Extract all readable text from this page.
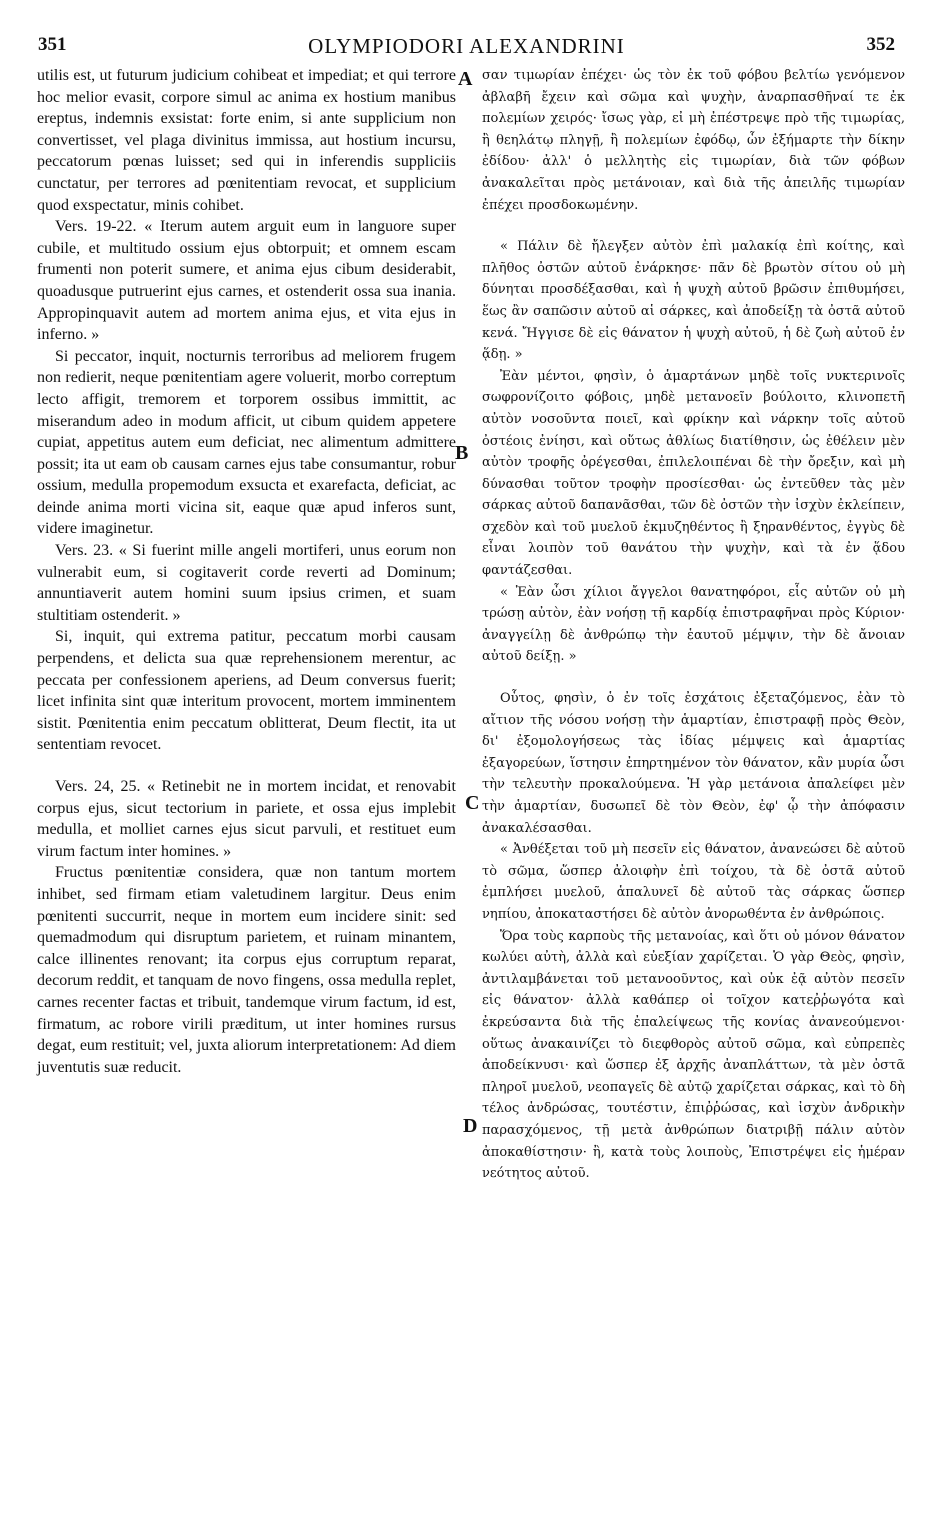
351	OLYMPIODORI ALEXANDRINI	352

utilis est, ut futurum judicium cohibeat et impediat; et qui terrore hoc melior evasit, corpore simul ac anima ex hostium manibus ereptus, indemnis exsistat: forte enim, si ante supplicium non convertisset, vel plaga divinitus immissa, aut hostium incursu, peccatorum pœnas luisset; sed qui in inferendis suppliciis cunctatur, per terrores ad pœnitentiam revocat, et supplicium quod exspectatur, minis cohibet.

Vers. 19-22. « Iterum autem arguit eum in languore super cubile, et multitudo ossium ejus obtorpuit; et omnem escam frumenti non poterit sumere, et anima ejus cibum desiderabit, quoadusque putruerint ejus carnes, et ostenderit ossa sua inania. Appropinquavit autem ad mortem anima ejus, et vita ejus in inferno. »

Si peccator, inquit, nocturnis terroribus ad meliorem frugem non redierit, neque pœnitentiam agere voluerit, morbo correptum lecto affigit, tremorem et torporem ossibus immittit, ac miserandum adeo in modum afficit, ut cibum quidem appetere cupiat, appetitus autem eum deficiat, nec alimentum admittere possit; ita ut eam ob causam carnes ejus tabe consumantur, robur ossium, medulla propemodum exsucta et exarefacta, deficiat, ac deinde anima morti vicina sit, eaque quæ apud inferos sunt, videre imaginetur.

Vers. 23. « Si fuerint mille angeli mortiferi, unus eorum non vulnerabit eum, si cogitaverit corde reverti ad Dominum; annuntiaverit autem homini suum ipsius crimen, et suam stultitiam ostenderit. »

Si, inquit, qui extrema patitur, peccatum morbi causam perpendens, et delicta sua quæ reprehensionem merentur, ac peccata per confessionem aperiens, ad Deum conversus fuerit; licet infinita sint quæ interitum provocent, mortem imminentem sistit. Pœnitentia enim peccatum oblitterat, Deum flectit, ita ut sententiam revocet.

Vers. 24, 25. « Retinebit ne in mortem incidat, et renovabit corpus ejus, sicut tectorium in pariete, et ossa ejus implebit medulla, et molliet carnes ejus sicut parvuli, et restituet eum virum factum inter homines. »

Fructus pœnitentiæ considera, quæ non tantum mortem inhibet, sed firmam etiam valetudinem largitur. Deus enim pœnitenti succurrit, neque in mortem eum incidere sinit: sed quemadmodum qui disruptum parietem, et ruinam minantem, calce illinentes renovant; ita corpus ejus corruptum reparat, decorum reddit, et tanquam de novo fingens, ossa medulla replet, carnes recenter factas et tribuit, tandemque virum factum, id est, firmatum, ac robore virili præditum, ut inter homines rursus degat, eum restituit; vel, juxta aliorum interpretationem: Ad diem juventutis suæ reducit.

A
B
C
D

σαν τιμωρίαν ἐπέχει· ὡς τὸν ἐκ τοῦ φόβου βελτίω γενόμενον ἀβλαβῆ ἔχειν καὶ σῶμα καὶ ψυχὴν, ἀναρπασθῆναί τε ἐκ πολεμίων χειρός· ἴσως γὰρ, εἰ μὴ ἐπέστρεψε πρὸ τῆς τιμωρίας, ἢ θεηλάτῳ πληγῇ, ἢ πολεμίων ἐφόδῳ, ὧν ἐξήμαρτε τὴν δίκην ἐδίδου· ἀλλ' ὁ μελλητὴς εἰς τιμωρίαν, διὰ τῶν φόβων ἀνακαλεῖται πρὸς μετάνοιαν, καὶ διὰ τῆς ἀπειλῆς τιμωρίαν ἐπέχει προσδοκωμένην.

« Πάλιν δὲ ἤλεγξεν αὐτὸν ἐπὶ μαλακίᾳ ἐπὶ κοίτης, καὶ πλῆθος ὀστῶν αὐτοῦ ἐνάρκησε· πᾶν δὲ βρωτὸν σίτου οὐ μὴ δύνηται προσδέξασθαι, καὶ ἡ ψυχὴ αὐτοῦ βρῶσιν ἐπιθυμήσει, ἕως ἂν σαπῶσιν αὐτοῦ αἱ σάρκες, καὶ ἀποδείξῃ τὰ ὀστᾶ αὐτοῦ κενά. Ἤγγισε δὲ εἰς θάνατον ἡ ψυχὴ αὐτοῦ, ἡ δὲ ζωὴ αὐτοῦ ἐν ᾅδῃ. »

Ἐὰν μέντοι, φησὶν, ὁ ἁμαρτάνων μηδὲ τοῖς νυκτερινοῖς σωφρονίζοιτο φόβοις, μηδὲ μετανοεῖν βούλοιτο, κλινοπετῆ αὐτὸν νοσοῦντα ποιεῖ, καὶ φρίκην καὶ νάρκην τοῖς αὐτοῦ ὀστέοις ἐνίησι, καὶ οὕτως ἀθλίως διατίθησιν, ὡς ἐθέλειν μὲν αὐτὸν τροφῆς ὀρέγεσθαι, ἐπιλελοιπέναι δὲ τὴν ὄρεξιν, καὶ μὴ δύνασθαι τοῦτον τροφὴν προσίεσθαι· ὡς ἐντεῦθεν τὰς μὲν σάρκας αὐτοῦ δαπανᾶσθαι, τῶν δὲ ὀστῶν τὴν ἰσχὺν ἐκλείπειν, σχεδὸν καὶ τοῦ μυελοῦ ἐκμυζηθέντος ἢ ξηρανθέντος, ἐγγὺς δὲ εἶναι λοιπὸν τοῦ θανάτου τὴν ψυχὴν, καὶ τὰ ἐν ᾅδου φαντάζεσθαι.

« Ἐὰν ὦσι χίλιοι ἄγγελοι θανατηφόροι, εἷς αὐτῶν οὐ μὴ τρώσῃ αὐτὸν, ἐὰν νοήσῃ τῇ καρδίᾳ ἐπιστραφῆναι πρὸς Κύριον· ἀναγγείλῃ δὲ ἀνθρώπῳ τὴν ἑαυτοῦ μέμψιν, τὴν δὲ ἄνοιαν αὐτοῦ δείξῃ. »

Οὗτος, φησὶν, ὁ ἐν τοῖς ἐσχάτοις ἐξεταζόμενος, ἐὰν τὸ αἴτιον τῆς νόσου νοήσῃ τὴν ἁμαρτίαν, ἐπιστραφῇ πρὸς Θεὸν, δι' ἐξομολογήσεως τὰς ἰδίας μέμψεις καὶ ἁμαρτίας ἐξαγορεύων, ἵστησιν ἐπηρτημένον τὸν θάνατον, κἂν μυρία ὦσι τὴν τελευτὴν προκαλούμενα. Ἡ γὰρ μετάνοια ἀπαλείφει μὲν τὴν ἁμαρτίαν, δυσωπεῖ δὲ τὸν Θεὸν, ἐφ' ᾧ τὴν ἀπόφασιν ἀνακαλέσασθαι.

« Ἀνθέξεται τοῦ μὴ πεσεῖν εἰς θάνατον, ἀνανεώσει δὲ αὐτοῦ τὸ σῶμα, ὥσπερ ἀλοιφὴν ἐπὶ τοίχου, τὰ δὲ ὀστᾶ αὐτοῦ ἐμπλήσει μυελοῦ, ἁπαλυνεῖ δὲ αὐτοῦ τὰς σάρκας ὥσπερ νηπίου, ἀποκαταστήσει δὲ αὐτὸν ἀνορωθέντα ἐν ἀνθρώποις.

Ὅρα τοὺς καρποὺς τῆς μετανοίας, καὶ ὅτι οὐ μόνον θάνατον κωλύει αὐτὴ, ἀλλὰ καὶ εὐεξίαν χαρίζεται. Ὁ γὰρ Θεὸς, φησὶν, ἀντιλαμβάνεται τοῦ μετανοοῦντος, καὶ οὐκ ἐᾷ αὐτὸν πεσεῖν εἰς θάνατον· ἀλλὰ καθάπερ οἱ τοῖχον κατεῤῥωγότα καὶ ἐκρεύσαντα διὰ τῆς ἐπαλείψεως τῆς κονίας ἀνανεούμενοι· οὕτως ἀνακαινίζει τὸ διεφθορὸς αὐτοῦ σῶμα, καὶ εὐπρεπὲς ἀποδείκνυσι· καὶ ὥσπερ ἐξ ἀρχῆς ἀναπλάττων, τὰ μὲν ὀστᾶ πληροῖ μυελοῦ, νεοπαγεῖς δὲ αὐτῷ χαρίζεται σάρκας, καὶ τὸ δὴ τέλος ἀνδρώσας, τουτέστιν, ἐπιῤῥώσας, καὶ ἰσχὺν ἀνδρικὴν παρασχόμενος, τῇ μετὰ ἀνθρώπων διατριβῇ πάλιν αὐτὸν ἀποκαθίστησιν· ἢ, κατὰ τοὺς λοιποὺς, Ἐπιστρέψει εἰς ἡμέραν νεότητος αὐτοῦ.
